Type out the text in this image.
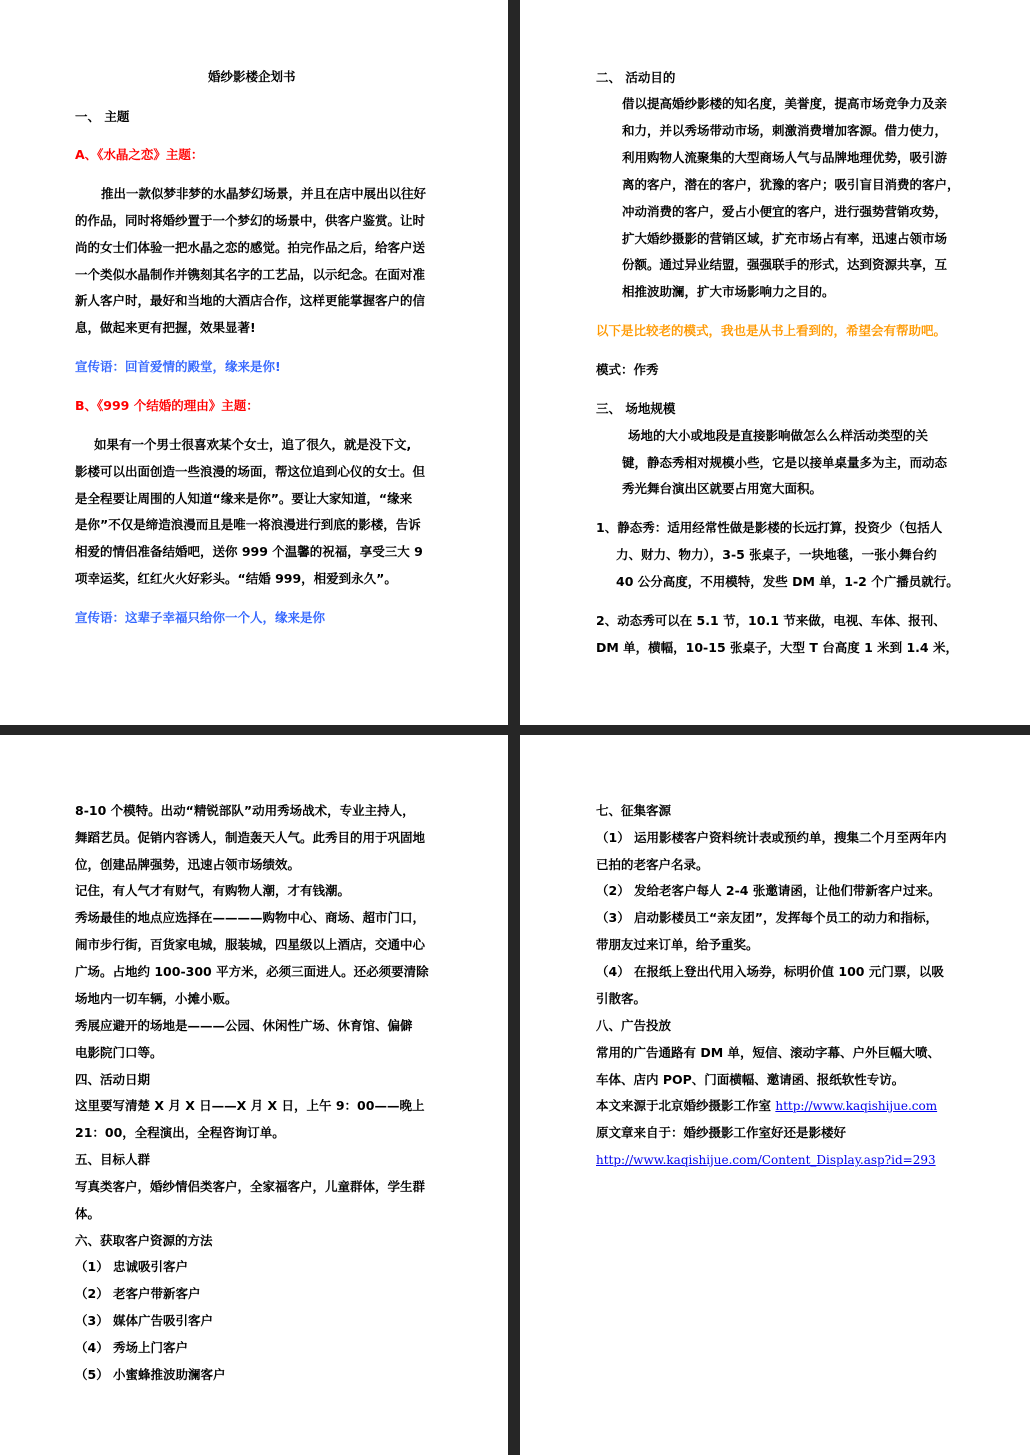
婚纱影楼企划书
一、 主题
A、《水晶之恋》主题：
推出一款似梦非梦的水晶梦幻场景，并且在店中展出以往好
的作品，同时将婚纱置于一个梦幻的场景中，供客户鉴赏。让时
尚的女士们体验一把水晶之恋的感觉。拍完作品之后，给客户送
一个类似水晶制作并镌刻其名字的工艺品，以示纪念。在面对准
新人客户时，最好和当地的大酒店合作，这样更能掌握客户的信
息，做起来更有把握，效果显著!
宣传语：回首爱情的殿堂，缘来是你!
B、《999 个结婚的理由》主题：
如果有一个男士很喜欢某个女士，追了很久，就是没下文,
影楼可以出面创造一些浪漫的场面，帮这位追到心仪的女士。但
是全程要让周围的人知道“缘来是你”。要让大家知道，“缘来
是你”不仅是缔造浪漫而且是唯一将浪漫进行到底的影楼，告诉
相爱的情侣准备结婚吧，送你 999 个温馨的祝福，享受三大 9
项幸运奖，红红火火好彩头。“结婚 999，相爱到永久”。
宣传语：这辈子幸福只给你一个人，缘来是你
二、 活动目的
借以提高婚纱影楼的知名度，美誉度，提高市场竞争力及亲
和力，并以秀场带动市场，刺激消费增加客源。借力使力，
利用购物人流聚集的大型商场人气与品牌地理优势，吸引游
离的客户，潜在的客户，犹豫的客户；吸引盲目消费的客户，
冲动消费的客户，爱占小便宜的客户，进行强势营销攻势，
扩大婚纱摄影的营销区域，扩充市场占有率，迅速占领市场
份额。通过异业结盟，强强联手的形式，达到资源共享，互
相推波助澜，扩大市场影响力之目的。
以下是比较老的模式，我也是从书上看到的，希望会有帮助吧。
模式：作秀
三、 场地规模
场地的大小或地段是直接影响做怎么么样活动类型的关
键，静态秀相对规模小些，它是以接单桌量多为主，而动态
秀光舞台演出区就要占用宽大面积。
1、静态秀：适用经常性做是影楼的长远打算，投资少（包括人
力、财力、物力），3-5 张桌子，一块地毯，一张小舞台约
40 公分高度，不用模特，发些 DM 单，1-2 个广播员就行。
2、动态秀可以在 5.1 节，10.1 节来做，电视、车体、报刊、
DM 单，横幅，10-15 张桌子，大型 T 台高度 1 米到 1.4 米，
8-10 个模特。出动“精锐部队”动用秀场战术，专业主持人，
舞蹈艺员。促销内容诱人，制造轰天人气。此秀目的用于巩固地
位，创建品牌强势，迅速占领市场绩效。
记住，有人气才有财气，有购物人潮，才有钱潮。
秀场最佳的地点应选择在————购物中心、商场、超市门口，
闹市步行街，百货家电城，服装城，四星级以上酒店，交通中心
广场。占地约 100-300 平方米，必须三面进人。还必须要清除
场地内一切车辆，小摊小贩。
秀展应避开的场地是———公园、休闲性广场、休育馆、偏僻
电影院门口等。
四、活动日期
这里要写清楚 X 月 X 日——X 月 X 日，上午 9：00——晚上
21：00，全程演出，全程咨询订单。
五、目标人群
写真类客户，婚纱情侣类客户，全家福客户，儿童群体，学生群
体。
六、获取客户资源的方法
（1） 忠诚吸引客户
（2） 老客户带新客户
（3） 媒体广告吸引客户
（4） 秀场上门客户
（5） 小蜜蜂推波助澜客户
七、征集客源
（1） 运用影楼客户资料统计表或预约单，搜集二个月至两年内
已拍的老客户名录。
（2） 发给老客户每人 2-4 张邀请函，让他们带新客户过来。
（3） 启动影楼员工“亲友团”，发挥每个员工的动力和指标，
带朋友过来订单，给予重奖。
（4） 在报纸上登出代用入场券，标明价值 100 元门票，以吸
引散客。
八、广告投放
常用的广告通路有 DM 单，短信、滚动字幕、户外巨幅大喷、
车体、店内 POP、门面横幅、邀请函、报纸软性专访。
本文来源于北京婚纱摄影工作室 http://www.kaqishijue.com
原文章来自于：婚纱摄影工作室好还是影楼好
http://www.kaqishijue.com/Content_Display.asp?id=293
